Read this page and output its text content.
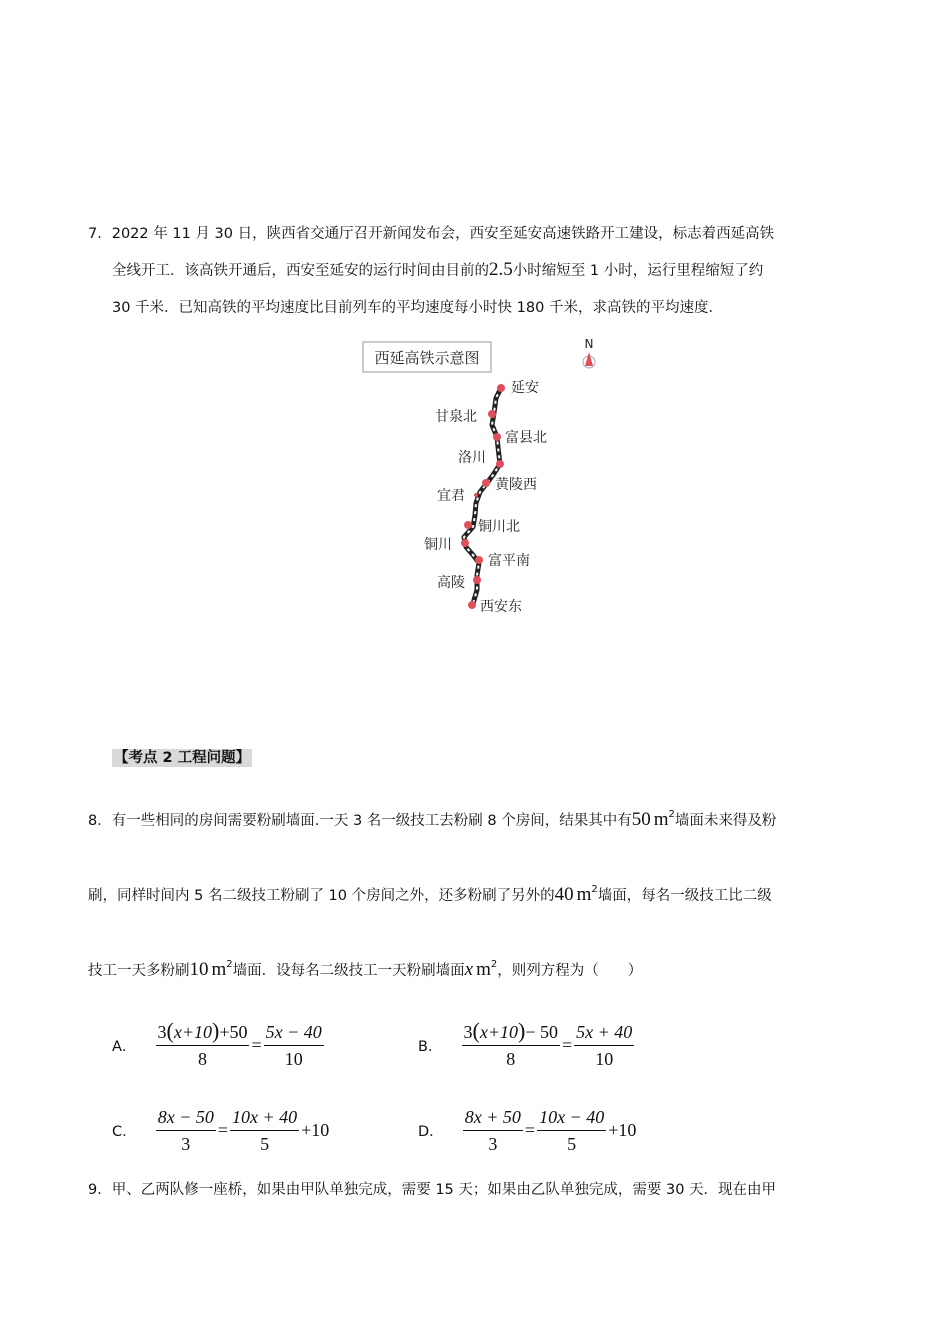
7．2022 年 11 月 30 日，陕西省交通厅召开新闻发布会，西安至延安高速铁路开工建设，标志着西延高铁
全线开工．该高铁开通后，西安至延安的运行时间由目前的2.5小时缩短至 1 小时，运行里程缩短了约
30 千米．已知高铁的平均速度比目前列车的平均速度每小时快 180 千米，求高铁的平均速度．
西延高铁示意图
N
延安
甘泉北
富县北
洛川
黄陵西
宜君
铜川北
铜川
富平南
高陵
西安东
【考点 2 工程问题】
8．有一些相同的房间需要粉刷墙面.一天 3 名一级技工去粉刷 8 个房间，结果其中有50 $m^2$墙面未来得及粉
刷，同样时间内 5 名二级技工粉刷了 10 个房间之外，还多粉刷了另外的40 $m^2$墙面，每名一级技工比二级
技工一天多粉刷10 $m^2$墙面．设每名二级技工一天粉刷墙面x $m^2$，则列方程为（　　）
A． $\frac{3(x+10)+50}{8} = \frac{5x - 40}{10}$	B． $\frac{3(x+10)- 50}{8} = \frac{5x + 40}{10}$
C． $\frac{8x - 50}{3} = \frac{10x + 40}{5} +10$	D． $\frac{8x + 50}{3} = \frac{10x - 40}{5} +10$
9．甲、乙两队修一座桥，如果由甲队单独完成，需要 15 天；如果由乙队单独完成，需要 30 天．现在由甲
